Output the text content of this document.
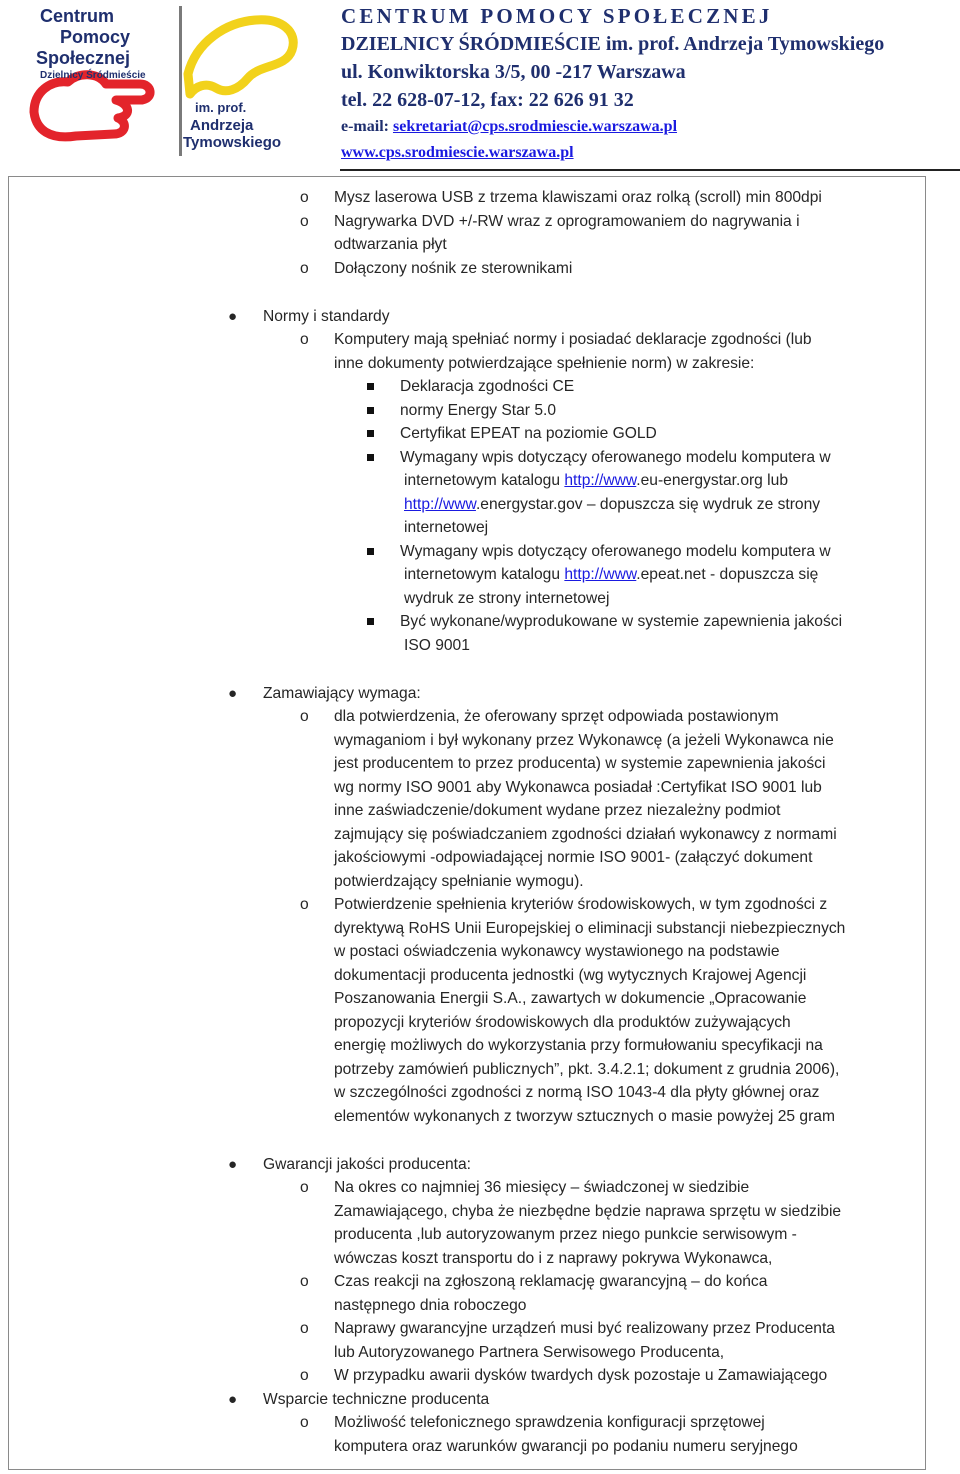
Centrum
Pomocy
Społecznej
Dzielnicy Śródmieście
im. prof.
Andrzeja
Tymowskiego
CENTRUM POMOCY SPOŁECZNEJ
DZIELNICY ŚRÓDMIEŚCIE im. prof. Andrzeja Tymowskiego
ul. Konwiktorska 3/5, 00 -217 Warszawa
tel. 22 628-07-12, fax: 22 626 91 32
e-mail: sekretariat@cps.srodmiescie.warszawa.pl
www.cps.srodmiescie.warszawa.pl
o Mysz laserowa USB z trzema klawiszami oraz rolką (scroll) min 800dpi
o Nagrywarka DVD +/-RW wraz z oprogramowaniem do nagrywania i
odtwarzania płyt
o Dołączony nośnik ze sterownikami
● Normy i standardy
o Komputery mają spełniać normy i posiadać deklaracje zgodności (lub
inne dokumenty potwierdzające spełnienie norm) w zakresie:
Deklaracja zgodności CE
normy Energy Star 5.0
Certyfikat EPEAT na poziomie GOLD
Wymagany wpis dotyczący oferowanego modelu komputera w
internetowym katalogu http://www.eu-energystar.org lub
http://www.energystar.gov – dopuszcza się wydruk ze strony
internetowej
Wymagany wpis dotyczący oferowanego modelu komputera w
internetowym katalogu http://www.epeat.net - dopuszcza się
wydruk ze strony internetowej
Być wykonane/wyprodukowane w systemie zapewnienia jakości
ISO 9001
● Zamawiający wymaga:
o dla potwierdzenia, że oferowany sprzęt odpowiada postawionym
wymaganiom i był wykonany przez Wykonawcę (a jeżeli Wykonawca nie
jest producentem to przez producenta) w systemie zapewnienia jakości
wg normy ISO 9001 aby Wykonawca posiadał :Certyfikat ISO 9001 lub
inne zaświadczenie/dokument wydane przez niezależny podmiot
zajmujący się poświadczaniem zgodności działań wykonawcy z normami
jakościowymi -odpowiadającej normie ISO 9001- (załączyć dokument
potwierdzający spełnianie wymogu).
o Potwierdzenie spełnienia kryteriów środowiskowych, w tym zgodności z
dyrektywą RoHS Unii Europejskiej o eliminacji substancji niebezpiecznych
w postaci oświadczenia wykonawcy wystawionego na podstawie
dokumentacji producenta jednostki (wg wytycznych Krajowej Agencji
Poszanowania Energii S.A., zawartych w dokumencie „Opracowanie
propozycji kryteriów środowiskowych dla produktów zużywających
energię możliwych do wykorzystania przy formułowaniu specyfikacji na
potrzeby zamówień publicznych”, pkt. 3.4.2.1; dokument z grudnia 2006),
w szczególności zgodności z normą ISO 1043-4 dla płyty głównej oraz
elementów wykonanych z tworzyw sztucznych o masie powyżej 25 gram
● Gwarancji jakości producenta:
o Na okres co najmniej 36 miesięcy – świadczonej w siedzibie
Zamawiającego, chyba że niezbędne będzie naprawa sprzętu w siedzibie
producenta ,lub autoryzowanym przez niego punkcie serwisowym -
wówczas koszt transportu do i z naprawy pokrywa Wykonawca,
o Czas reakcji na zgłoszoną reklamację gwarancyjną – do końca
następnego dnia roboczego
o Naprawy gwarancyjne urządzeń musi być realizowany przez Producenta
lub Autoryzowanego Partnera Serwisowego Producenta,
o W przypadku awarii dysków twardych dysk pozostaje u Zamawiającego
● Wsparcie techniczne producenta
o Możliwość telefonicznego sprawdzenia konfiguracji sprzętowej
komputera oraz warunków gwarancji po podaniu numeru seryjnego
